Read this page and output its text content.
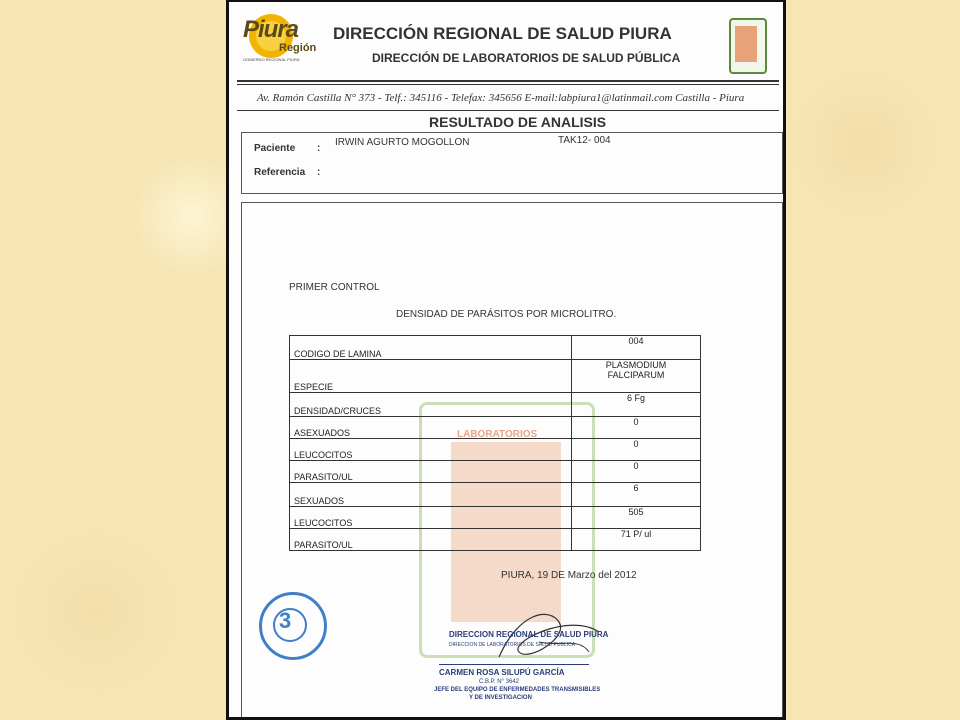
Piura
Región
GOBIERNO REGIONAL PIURA
DIRECCIÓN REGIONAL DE SALUD PIURA
DIRECCIÓN DE LABORATORIOS DE SALUD PÚBLICA
Av. Ramón Castilla N° 373 - Telf.: 345116 - Telefax: 345656 E-mail:labpiura1@latinmail.com Castilla - Piura
RESULTADO DE ANALISIS
Paciente :
IRWIN AGURTO MOGOLLON	TAK12- 004
Referencia :
LABORATORIOS
PRIMER CONTROL
DENSIDAD DE PARÁSITOS POR MICROLITRO.
CODIGO DE LAMINA	004
ESPECIE	PLASMODIUM
FALCIPARUM

DENSIDAD/CRUCES	6 Fg
ASEXUADOS	0
LEUCOCITOS	0
PARASITO/UL	0
SEXUADOS	6
LEUCOCITOS	505
PARASITO/UL	71 P/ ul
PIURA, 19 DE Marzo del 2012
3
DIRECCION REGIONAL DE SALUD PIURA
DIRECCION DE LABORATORIOS DE SALUD PUBLICA
CARMEN ROSA SILUPÚ GARCÍA
C.B.P. N° 3642
JEFE DEL EQUIPO DE ENFERMEDADES TRANSMISIBLES
Y DE INVESTIGACION
